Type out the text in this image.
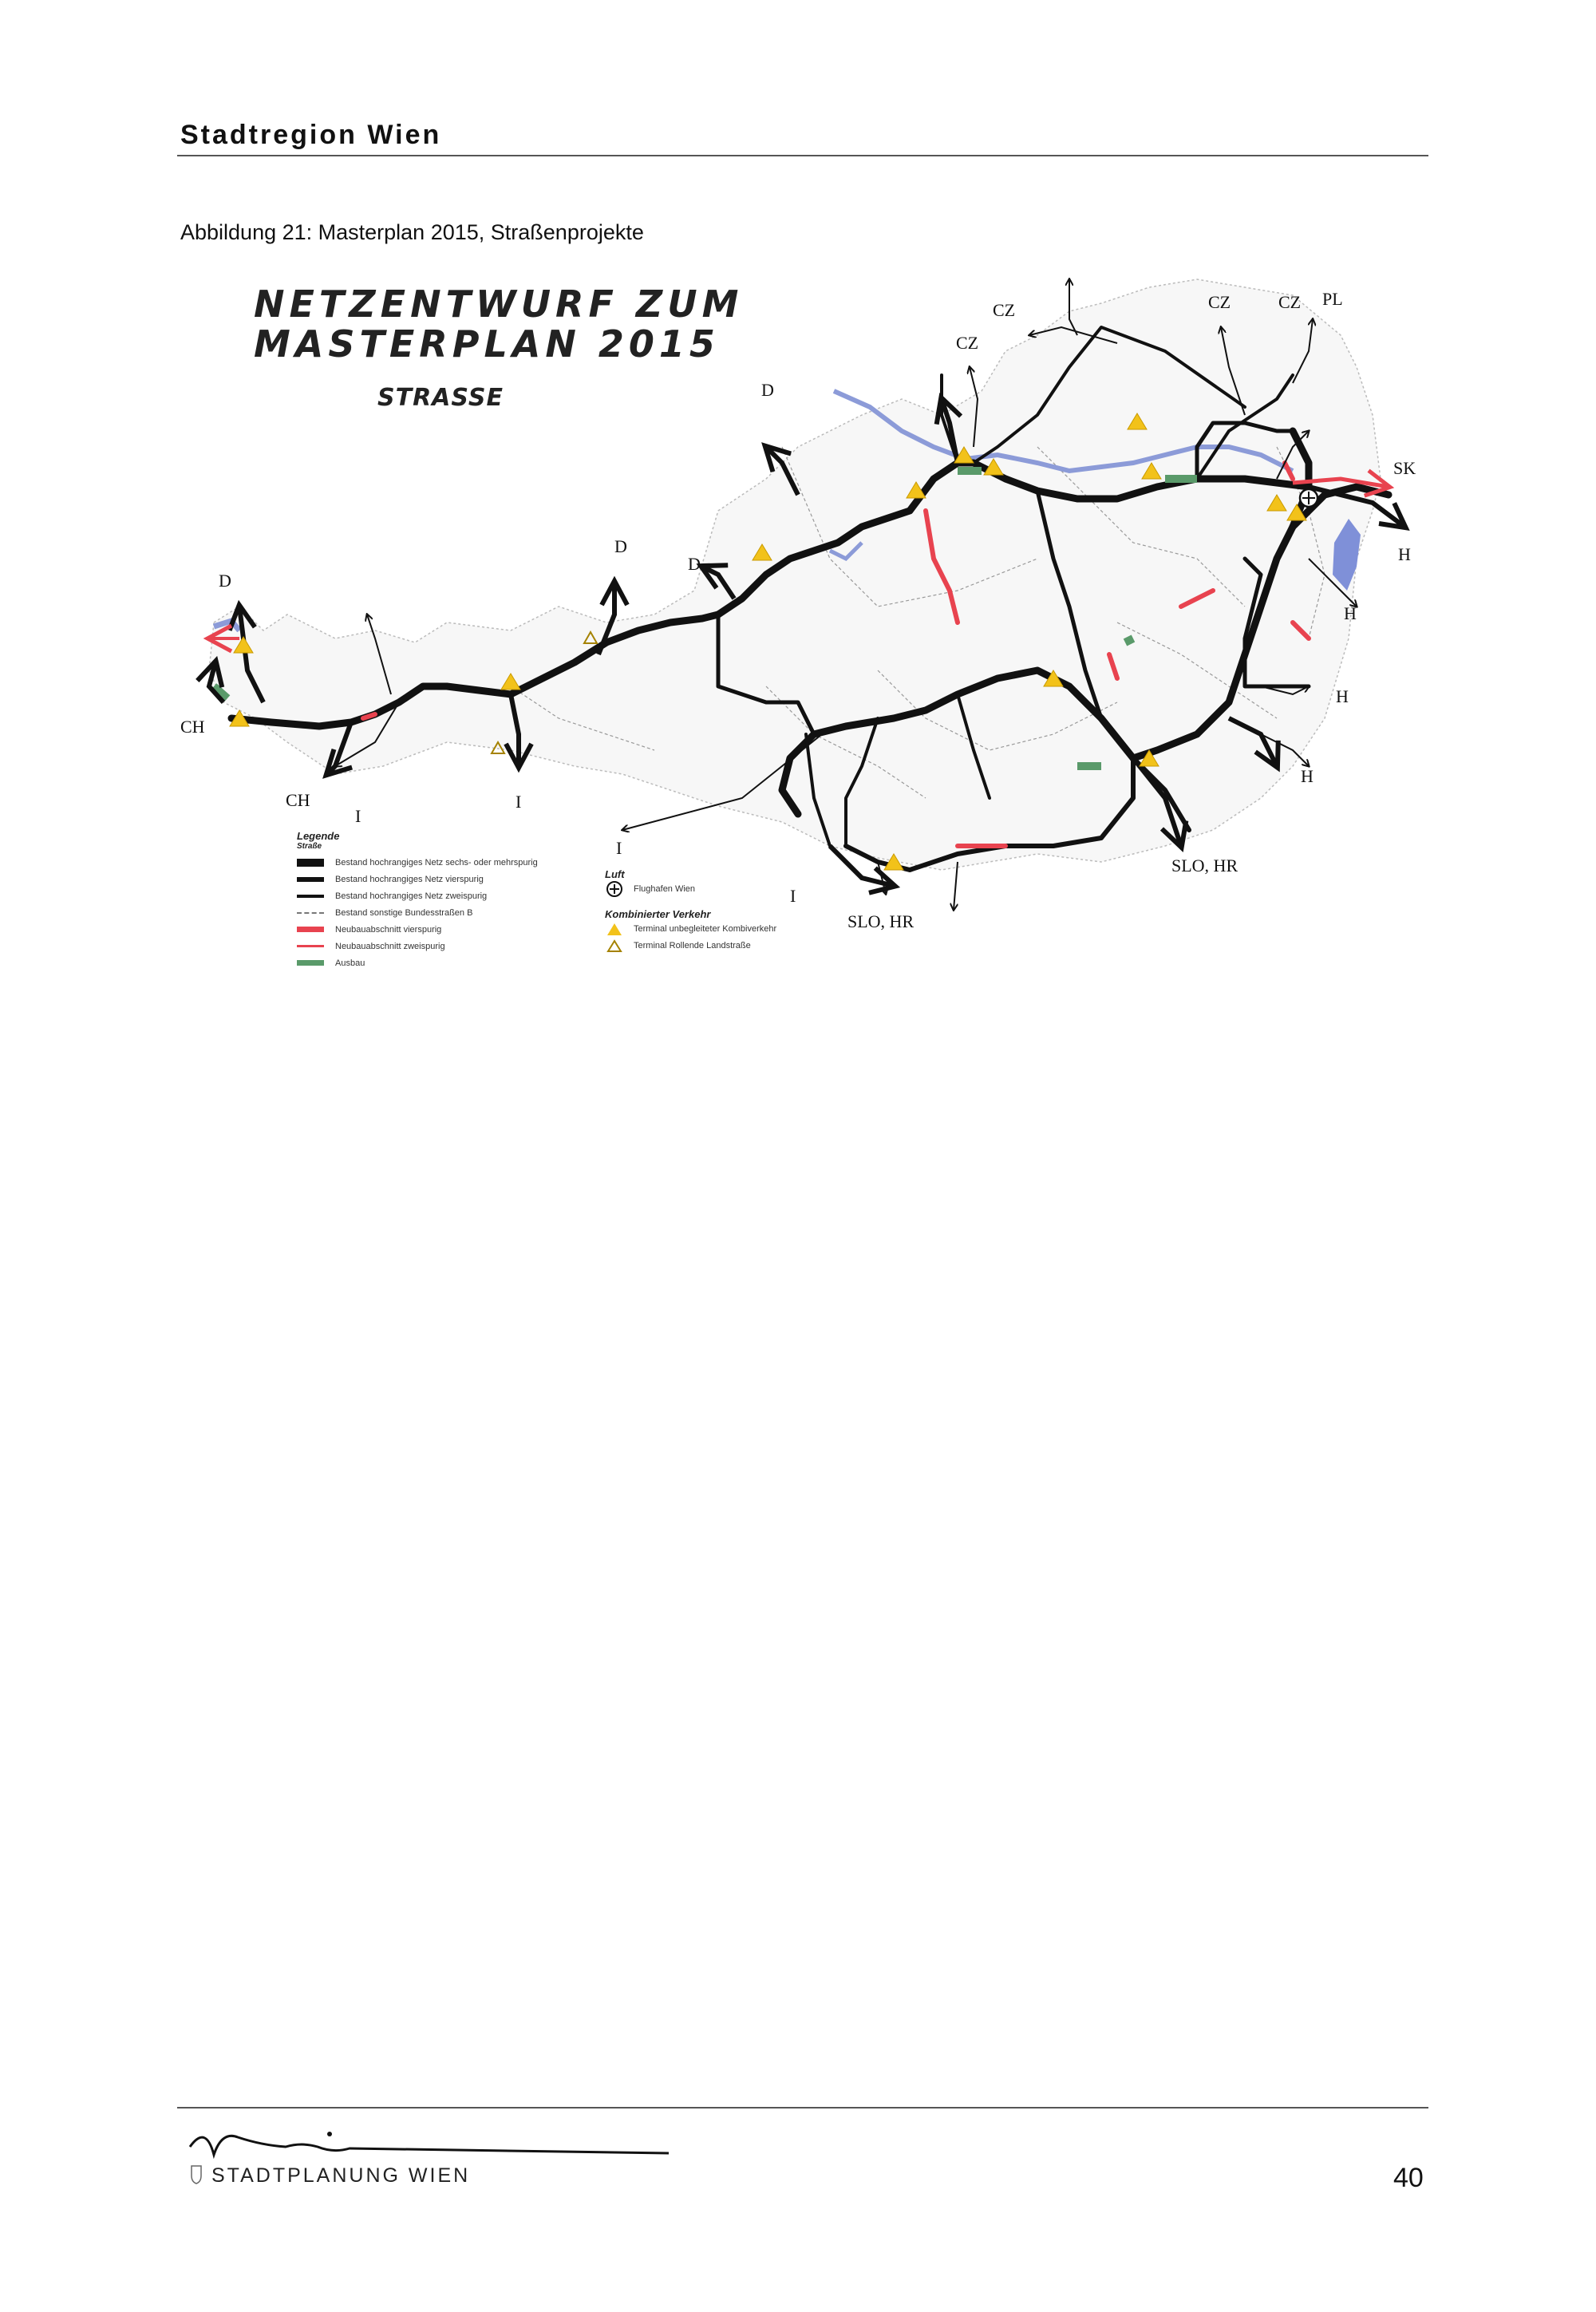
Stadtregion Wien
Abbildung 21: Masterplan 2015, Straßenprojekte
NETZENTWURF ZUM
MASTERPLAN 2015
STRASSE
D
CH
CH
I
I
D
D
D
I
I
CZ
CZ	CZ	CZ PL
SK
H
H
H
H
SLO, HR
SLO, HR
Legende
Straße
Bestand hochrangiges Netz sechs- oder mehrspurig
Bestand hochrangiges Netz vierspurig
Bestand hochrangiges Netz zweispurig
Bestand sonstige Bundesstraßen B
Neubauabschnitt vierspurig
Neubauabschnitt zweispurig
Ausbau
Luft
Flughafen Wien
Kombinierter Verkehr
Terminal unbegleiteter Kombiverkehr
Terminal Rollende Landstraße
STADTPLANUNG WIEN	40
